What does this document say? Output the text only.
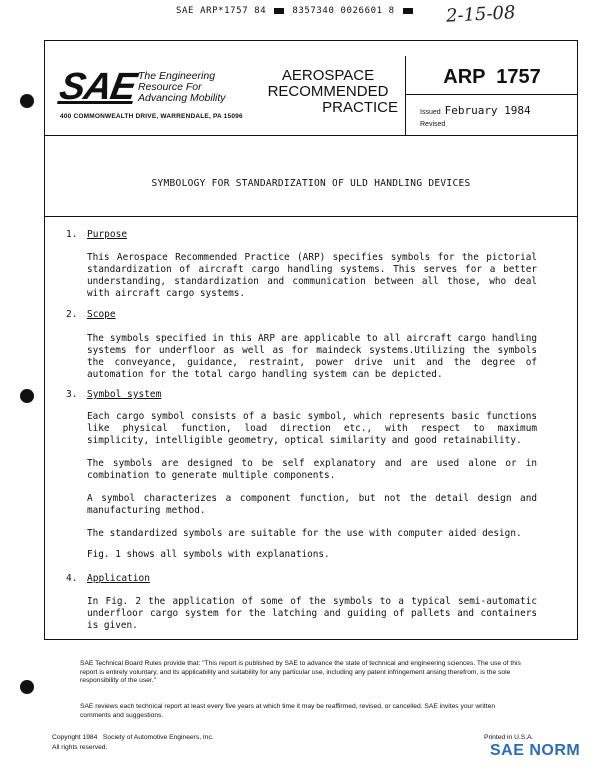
SAE ARP*1757 84	8357340 0026601 8	2-15-08
SAE The Engineering
Resource For
Advancing Mobility
400 COMMONWEALTH DRIVE, WARRENDALE, PA 15096
AEROSPACE
RECOMMENDED
PRACTICE
ARP  1757
Issued February 1984
Revised
SYMBOLOGY FOR STANDARDIZATION OF ULD HANDLING DEVICES
1. Purpose
This Aerospace Recommended Practice (ARP) specifies symbols for the pictorial standardization of aircraft cargo handling systems. This serves for a better understanding, standardization and communication between all those, who deal with aircraft cargo systems.
2. Scope
The symbols specified in this ARP are applicable to all aircraft cargo handling systems for underfloor as well as for maindeck systems.Utilizing the symbols the conveyance, guidance, restraint, power drive unit and the degree of automation for the total cargo handling system can be depicted.
3. Symbol system
Each cargo symbol consists of a basic symbol, which represents basic functions like physical function, load direction etc., with respect to maximum simplicity, intelligible geometry, optical similarity and good retainability.
The symbols are designed to be self explanatory and are used alone or in combination to generate multiple components.
A symbol characterizes a component function, but not the detail design and manufacturing method.
The standardized symbols are suitable for the use with computer aided design.
Fig. 1 shows all symbols with explanations.
4. Application
In Fig. 2 the application of some of the symbols to a typical semi-automatic underfloor cargo system for the latching and guiding of pallets and containers is given.
SAE Technical Board Rules provide that: "This report is published by SAE to advance the state of technical and engineering sciences. The use of this report is entirely voluntary, and its applicability and suitability for any particular use, including any patent infringement arising therefrom, is the sole responsibility of the user."
SAE reviews each technical report at least every five years at which time it may be reaffirmed, revised, or cancelled. SAE invites your written comments and suggestions.
Copyright 1984   Society of Automotive Engineers, Inc.
All rights reserved.
Printed in U.S.A.
SAE NORM
